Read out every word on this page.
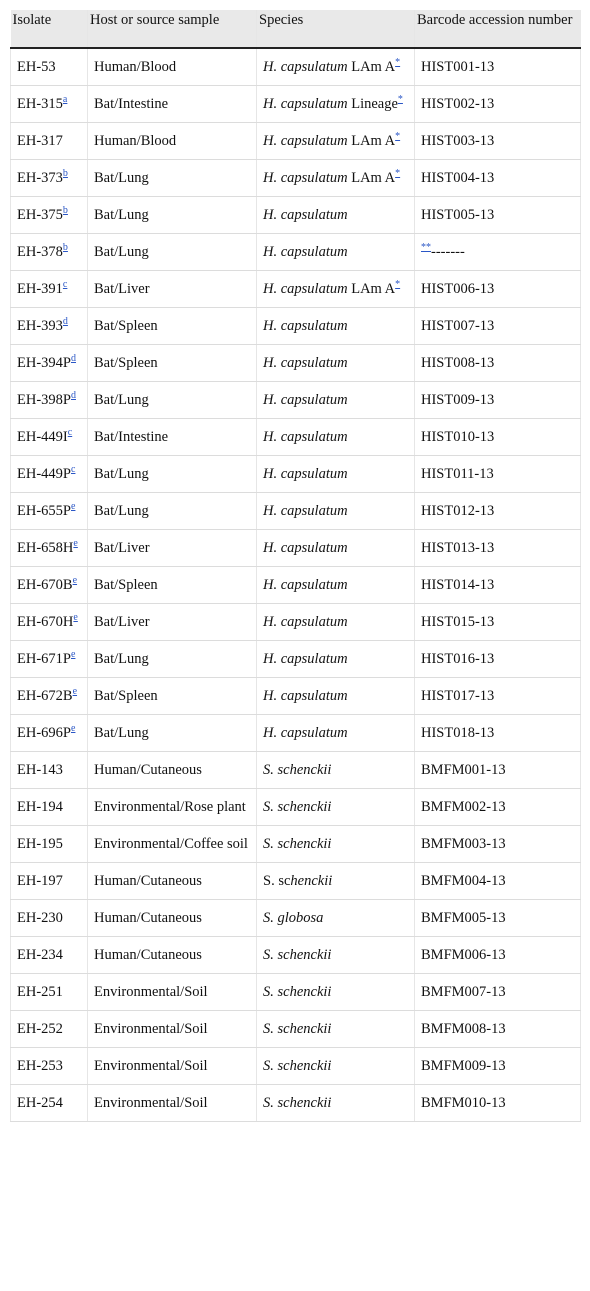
Isolate	Host or source sample	Species	Barcode accession number
EH-53	Human/Blood	H. capsulatum LAm A*	HIST001-13
EH-315$^a$	Bat/Intestine	H. capsulatum Lineage*	HIST002-13
EH-317	Human/Blood	H. capsulatum LAm A*	HIST003-13
EH-373$^b$	Bat/Lung	H. capsulatum LAm A*	HIST004-13
EH-375$^b$	Bat/Lung	H. capsulatum	HIST005-13
EH-378$^b$	Bat/Lung	H. capsulatum	**-------
EH-391$^c$	Bat/Liver	H. capsulatum LAm A*	HIST006-13
EH-393$^d$	Bat/Spleen	H. capsulatum	HIST007-13
EH-394P$^d$	Bat/Spleen	H. capsulatum	HIST008-13
EH-398P$^d$	Bat/Lung	H. capsulatum	HIST009-13
EH-449I$^c$	Bat/Intestine	H. capsulatum	HIST010-13
EH-449P$^c$	Bat/Lung	H. capsulatum	HIST011-13
EH-655P$^e$	Bat/Lung	H. capsulatum	HIST012-13
EH-658H$^e$	Bat/Liver	H. capsulatum	HIST013-13
EH-670B$^e$	Bat/Spleen	H. capsulatum	HIST014-13
EH-670H$^e$	Bat/Liver	H. capsulatum	HIST015-13
EH-671P$^e$	Bat/Lung	H. capsulatum	HIST016-13
EH-672B$^e$	Bat/Spleen	H. capsulatum	HIST017-13
EH-696P$^e$	Bat/Lung	H. capsulatum	HIST018-13
EH-143	Human/Cutaneous	S. schenckii	BMFM001-13
EH-194	Environmental/Rose plant	S. schenckii	BMFM002-13
EH-195	Environmental/Coffee soil	S. schenckii	BMFM003-13
EH-197	Human/Cutaneous	S. schenckii	BMFM004-13
EH-230	Human/Cutaneous	S. globosa	BMFM005-13
EH-234	Human/Cutaneous	S. schenckii	BMFM006-13
EH-251	Environmental/Soil	S. schenckii	BMFM007-13
EH-252	Environmental/Soil	S. schenckii	BMFM008-13
EH-253	Environmental/Soil	S. schenckii	BMFM009-13
EH-254	Environmental/Soil	S. schenckii	BMFM010-13
